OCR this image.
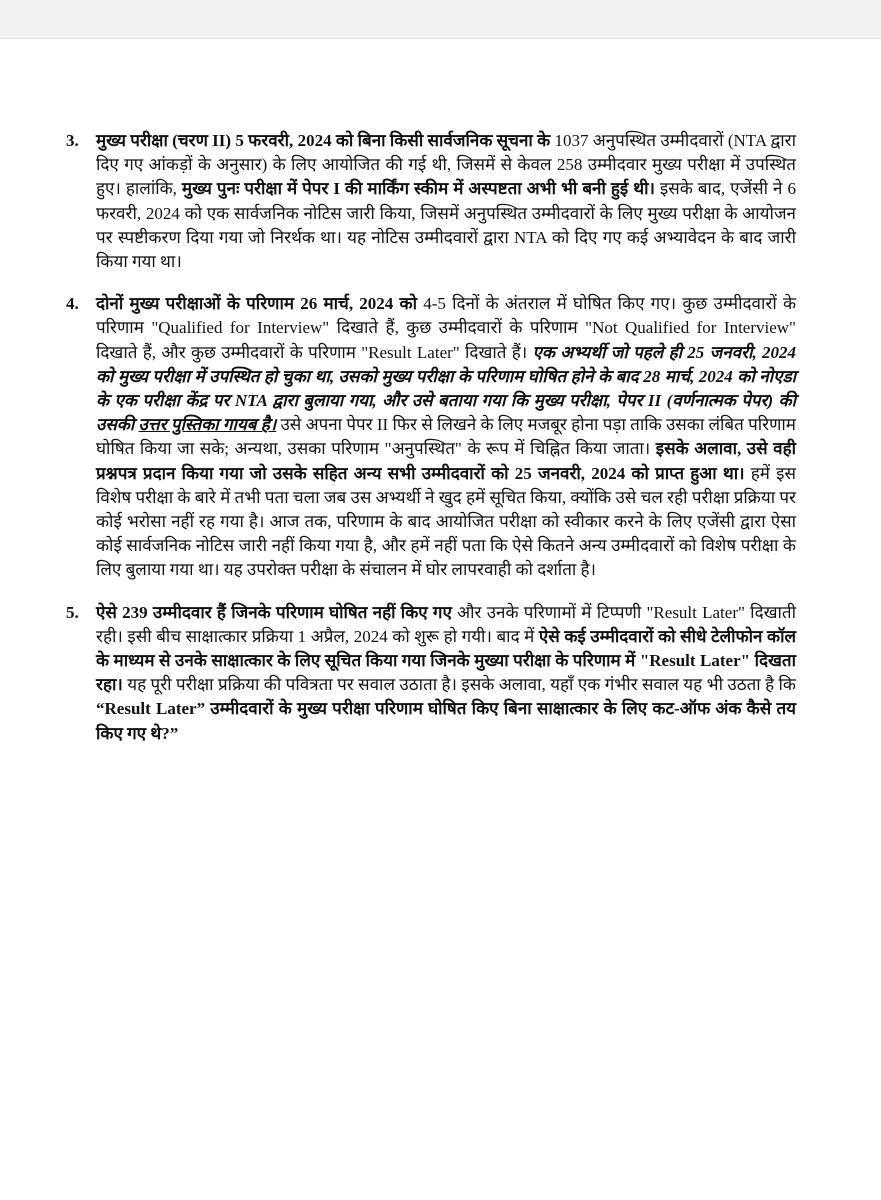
3. मुख्य परीक्षा (चरण II) 5 फरवरी, 2024 को बिना किसी सार्वजनिक सूचना के 1037 अनुपस्थित उम्मीदवारों (NTA द्वारा दिए गए आंकड़ों के अनुसार) के लिए आयोजित की गई थी, जिसमें से केवल 258 उम्मीदवार मुख्य परीक्षा में उपस्थित हुए। हालांकि, मुख्य पुनः परीक्षा में पेपर I की मार्किंग स्कीम में अस्पष्टता अभी भी बनी हुई थी। इसके बाद, एजेंसी ने 6 फरवरी, 2024 को एक सार्वजनिक नोटिस जारी किया, जिसमें अनुपस्थित उम्मीदवारों के लिए मुख्य परीक्षा के आयोजन पर स्पष्टीकरण दिया गया जो निरर्थक था। यह नोटिस उम्मीदवारों द्वारा NTA को दिए गए कई अभ्यावेदन के बाद जारी किया गया था।
4. दोनों मुख्य परीक्षाओं के परिणाम 26 मार्च, 2024 को 4-5 दिनों के अंतराल में घोषित किए गए। कुछ उम्मीदवारों के परिणाम "Qualified for Interview" दिखाते हैं, कुछ उम्मीदवारों के परिणाम "Not Qualified for Interview" दिखाते हैं, और कुछ उम्मीदवारों के परिणाम "Result Later" दिखाते हैं। एक अभ्यर्थी जो पहले ही 25 जनवरी, 2024 को मुख्य परीक्षा में उपस्थित हो चुका था, उसको मुख्य परीक्षा के परिणाम घोषित होने के बाद 28 मार्च, 2024 को नोएडा के एक परीक्षा केंद्र पर NTA द्वारा बुलाया गया, और उसे बताया गया कि मुख्य परीक्षा, पेपर II (वर्णनात्मक पेपर) की उसकी उत्तर पुस्तिका गायब है। उसे अपना पेपर II फिर से लिखने के लिए मजबूर होना पड़ा ताकि उसका लंबित परिणाम घोषित किया जा सके; अन्यथा, उसका परिणाम "अनुपस्थित" के रूप में चिह्नित किया जाता। इसके अलावा, उसे वही प्रश्नपत्र प्रदान किया गया जो उसके सहित अन्य सभी उम्मीदवारों को 25 जनवरी, 2024 को प्राप्त हुआ था। हमें इस विशेष परीक्षा के बारे में तभी पता चला जब उस अभ्यर्थी ने खुद हमें सूचित किया, क्योंकि उसे चल रही परीक्षा प्रक्रिया पर कोई भरोसा नहीं रह गया है। आज तक, परिणाम के बाद आयोजित परीक्षा को स्वीकार करने के लिए एजेंसी द्वारा ऐसा कोई सार्वजनिक नोटिस जारी नहीं किया गया है, और हमें नहीं पता कि ऐसे कितने अन्य उम्मीदवारों को विशेष परीक्षा के लिए बुलाया गया था। यह उपरोक्त परीक्षा के संचालन में घोर लापरवाही को दर्शाता है।
5. ऐसे 239 उम्मीदवार हैं जिनके परिणाम घोषित नहीं किए गए और उनके परिणामों में टिप्पणी "Result Later" दिखाती रही। इसी बीच साक्षात्कार प्रक्रिया 1 अप्रैल, 2024 को शुरू हो गयी। बाद में ऐसे कई उम्मीदवारों को सीधे टेलीफोन कॉल के माध्यम से उनके साक्षात्कार के लिए सूचित किया गया जिनके मुख्या परीक्षा के परिणाम में "Result Later" दिखता रहा। यह पूरी परीक्षा प्रक्रिया की पवित्रता पर सवाल उठाता है। इसके अलावा, यहाँ एक गंभीर सवाल यह भी उठता है कि “Result Later” उम्मीदवारों के मुख्य परीक्षा परिणाम घोषित किए बिना साक्षात्कार के लिए कट-ऑफ अंक कैसे तय किए गए थे?”
